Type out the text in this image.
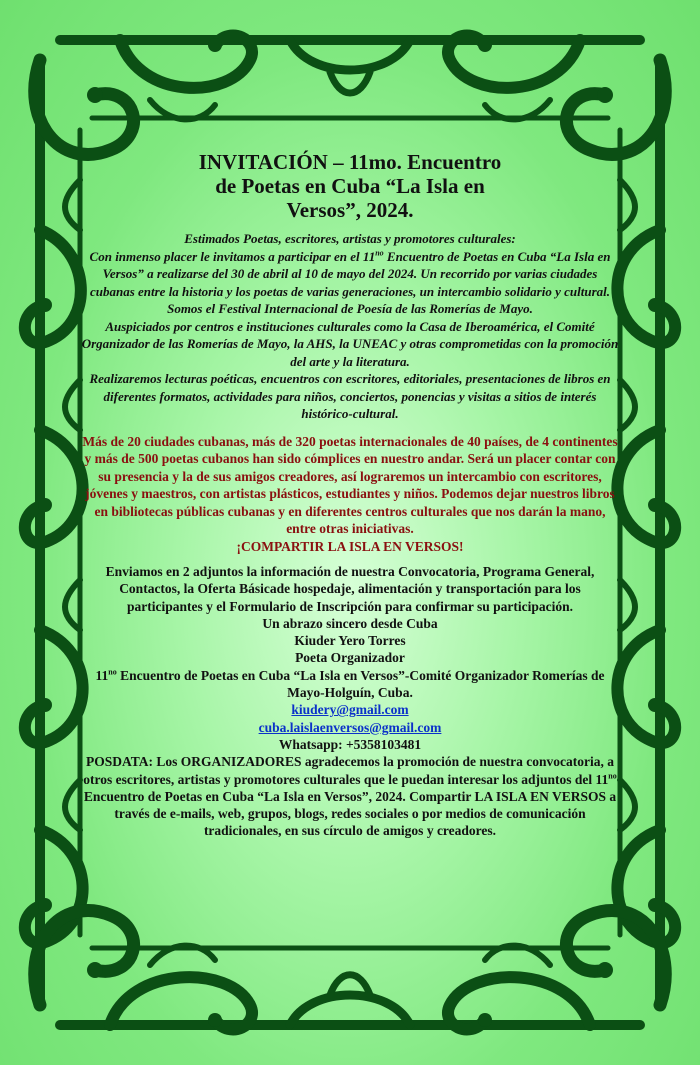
INVITACIÓN – 11mo. Encuentro
de Poetas en Cuba “La Isla en
Versos”, 2024.

Estimados Poetas, escritores, artistas y promotores culturales:

Con inmenso placer le invitamos a participar en el $11^{no}$ Encuentro de Poetas en Cuba “La Isla en Versos” a realizarse del 30 de abril al 10 de mayo del 2024. Un recorrido por varias ciudades cubanas entre la historia y los poetas de varias generaciones, un intercambio solidario y cultural.

Somos el Festival Internacional de Poesía de las Romerías de Mayo.

Auspiciados por centros e instituciones culturales como la Casa de Iberoamérica, el Comité Organizador de las Romerías de Mayo, la AHS, la UNEAC y otras comprometidas con la promoción del arte y la literatura.

Realizaremos lecturas poéticas, encuentros con escritores, editoriales, presentaciones de libros en diferentes formatos, actividades para niños, conciertos, ponencias y visitas a sitios de interés histórico-cultural.

Más de 20 ciudades cubanas, más de 320 poetas internacionales de 40 países, de 4 continentes y más de 500 poetas cubanos han sido cómplices en nuestro andar. Será un placer contar con su presencia y la de sus amigos creadores, así lograremos un intercambio con escritores, jóvenes y maestros, con artistas plásticos, estudiantes y niños. Podemos dejar nuestros libros en bibliotecas públicas cubanas y en diferentes centros culturales que nos darán la mano, entre otras iniciativas.

¡COMPARTIR LA ISLA EN VERSOS!

Enviamos en 2 adjuntos la información de nuestra Convocatoria, Programa General, Contactos, la Oferta Básicade hospedaje, alimentación y transportación para los participantes y el Formulario de Inscripción para confirmar su participación.

Un abrazo sincero desde Cuba

Kiuder Yero Torres

Poeta Organizador

$11^{no}$ Encuentro de Poetas en Cuba “La Isla en Versos”-Comité Organizador Romerías de Mayo-Holguín, Cuba.

kiudery@gmail.com

cuba.laislaenversos@gmail.com

Whatsapp: +5358103481

POSDATA: Los ORGANIZADORES agradecemos la promoción de nuestra convocatoria, a otros escritores, artistas y promotores culturales que le puedan interesar los adjuntos del $11^{no}$ Encuentro de Poetas en Cuba “La Isla en Versos”, 2024. Compartir LA ISLA EN VERSOS a través de e-mails, web, grupos, blogs, redes sociales o por medios de comunicación tradicionales, en sus círculo de amigos y creadores.
